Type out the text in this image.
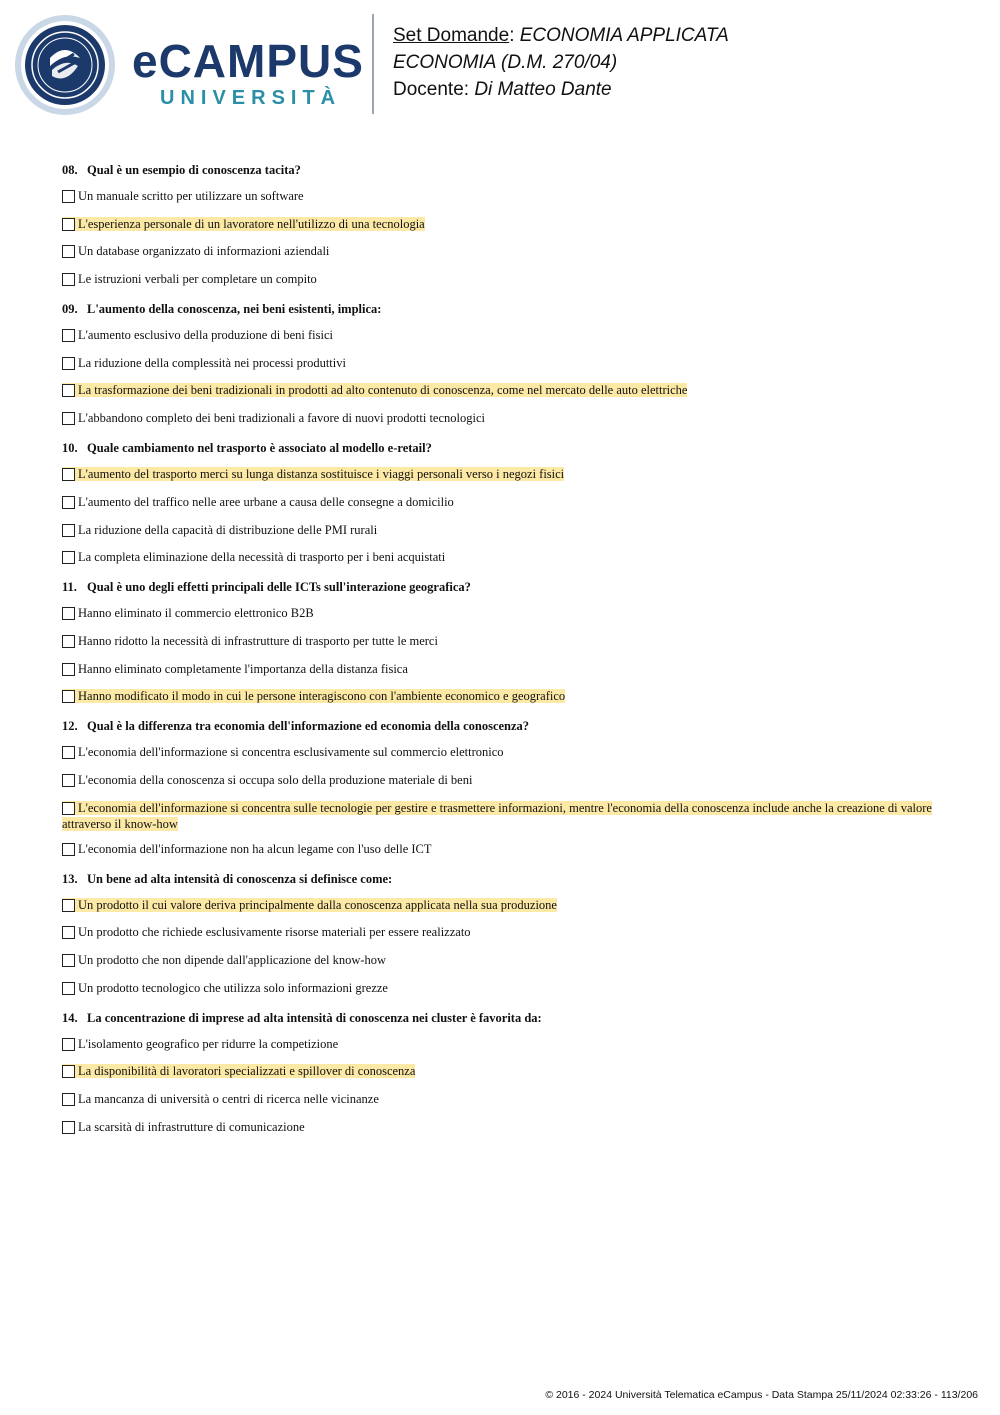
eCAMPUS
UNIVERSITÀ
Set Domande: ECONOMIA APPLICATA
ECONOMIA (D.M. 270/04)
Docente: Di Matteo Dante
08. Qual è un esempio di conoscenza tacita?
Un manuale scritto per utilizzare un software
L'esperienza personale di un lavoratore nell'utilizzo di una tecnologia
Un database organizzato di informazioni aziendali
Le istruzioni verbali per completare un compito
09. L'aumento della conoscenza, nei beni esistenti, implica:
L'aumento esclusivo della produzione di beni fisici
La riduzione della complessità nei processi produttivi
La trasformazione dei beni tradizionali in prodotti ad alto contenuto di conoscenza, come nel mercato delle auto elettriche
L'abbandono completo dei beni tradizionali a favore di nuovi prodotti tecnologici
10. Quale cambiamento nel trasporto è associato al modello e-retail?
L'aumento del trasporto merci su lunga distanza sostituisce i viaggi personali verso i negozi fisici
L'aumento del traffico nelle aree urbane a causa delle consegne a domicilio
La riduzione della capacità di distribuzione delle PMI rurali
La completa eliminazione della necessità di trasporto per i beni acquistati
11. Qual è uno degli effetti principali delle ICTs sull'interazione geografica?
Hanno eliminato il commercio elettronico B2B
Hanno ridotto la necessità di infrastrutture di trasporto per tutte le merci
Hanno eliminato completamente l'importanza della distanza fisica
Hanno modificato il modo in cui le persone interagiscono con l'ambiente economico e geografico
12. Qual è la differenza tra economia dell'informazione ed economia della conoscenza?
L'economia dell'informazione si concentra esclusivamente sul commercio elettronico
L'economia della conoscenza si occupa solo della produzione materiale di beni
L'economia dell'informazione si concentra sulle tecnologie per gestire e trasmettere informazioni, mentre l'economia della conoscenza include anche la creazione di valore attraverso il know-how
L'economia dell'informazione non ha alcun legame con l'uso delle ICT
13. Un bene ad alta intensità di conoscenza si definisce come:
Un prodotto il cui valore deriva principalmente dalla conoscenza applicata nella sua produzione
Un prodotto che richiede esclusivamente risorse materiali per essere realizzato
Un prodotto che non dipende dall'applicazione del know-how
Un prodotto tecnologico che utilizza solo informazioni grezze
14. La concentrazione di imprese ad alta intensità di conoscenza nei cluster è favorita da:
L'isolamento geografico per ridurre la competizione
La disponibilità di lavoratori specializzati e spillover di conoscenza
La mancanza di università o centri di ricerca nelle vicinanze
La scarsità di infrastrutture di comunicazione
© 2016 - 2024 Università Telematica eCampus - Data Stampa 25/11/2024 02:33:26 - 113/206
